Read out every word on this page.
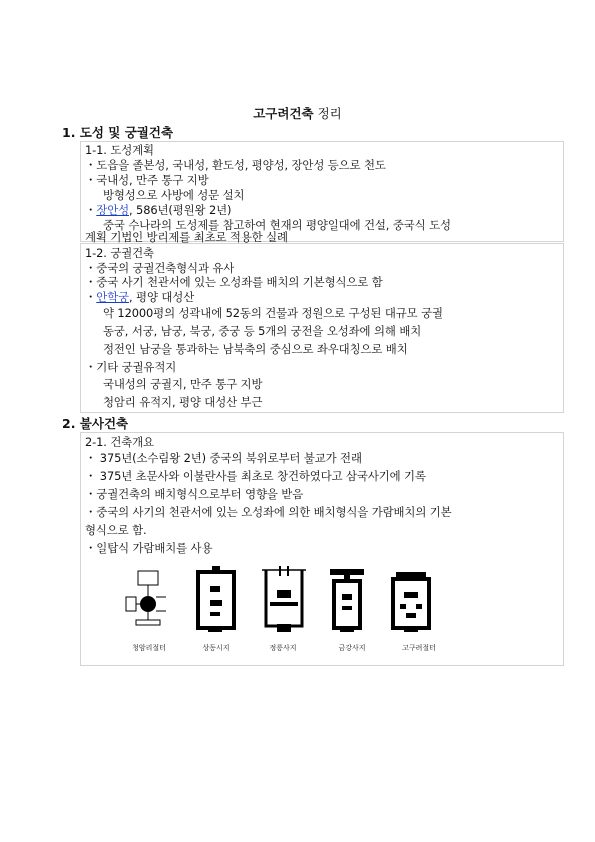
고구려건축 정리
1. 도성 및 궁궐건축
1-1. 도성계획
・도읍을 졸본성, 국내성, 환도성, 평양성, 장안성 등으로 천도
・국내성, 만주 통구 지방
방형성으로 사방에 성문 설치
・장안성, 586년(평원왕 2년)
중국 수나라의 도성제를 참고하여 현재의 평양일대에 건설, 중국식 도성
계획 기법인 방리제를 최초로 적용한 실례
1-2. 궁궐건축
・중국의 궁궐건축형식과 유사
・중국 사기 천관서에 있는 오성좌를 배치의 기본형식으로 함
・안학궁, 평양 대성산
약 12000평의 성곽내에 52동의 건물과 정원으로 구성된 대규모 궁궐
동궁, 서궁, 남궁, 북궁, 중궁 등 5개의 궁전을 오성좌에 의해 배치
정전인 남궁을 통과하는 남북축의 중심으로 좌우대칭으로 배치
・기타 궁궐유적지
국내성의 궁궐지, 만주 통구 지방
청암리 유적지, 평양 대성산 부근
2. 불사건축
2-1. 건축개요
・ 375년(소수림왕 2년) 중국의 북위로부터 불교가 전래
・ 375년 초문사와 이불란사를 최초로 창건하였다고 삼국사기에 기록
・궁궐건축의 배치형식으로부터 영향을 받음
・중국의 사기의 천관서에 있는 오성좌에 의한 배치형식을 가람배치의 기본
형식으로 함.
・일탑식 가람배치를 사용
청암리절터	상동시지	정릉사지	금강사지	고구려절터
